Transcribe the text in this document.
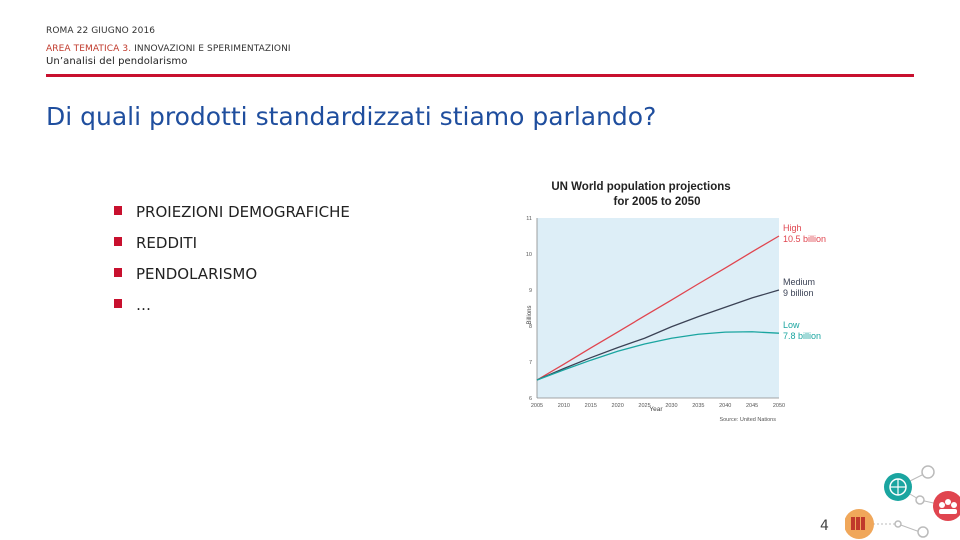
ROMA 22 GIUGNO 2016
AREA TEMATICA 3. INNOVAZIONI E SPERIMENTAZIONI
Un’analisi del pendolarismo
Di quali prodotti standardizzati stiamo parlando?
PROIEZIONI DEMOGRAFICHE
REDDITI
PENDOLARISMO
…
UN World population projections
for 2005 to 2050
6
7
8
9
10
11
2005	2010	2015	2020	2025	2030	2035	2040	2045	2050
High
10.5 billion
Medium
9 billion
Low
7.8 billion
Billions
Year
Source: United Nations
4
